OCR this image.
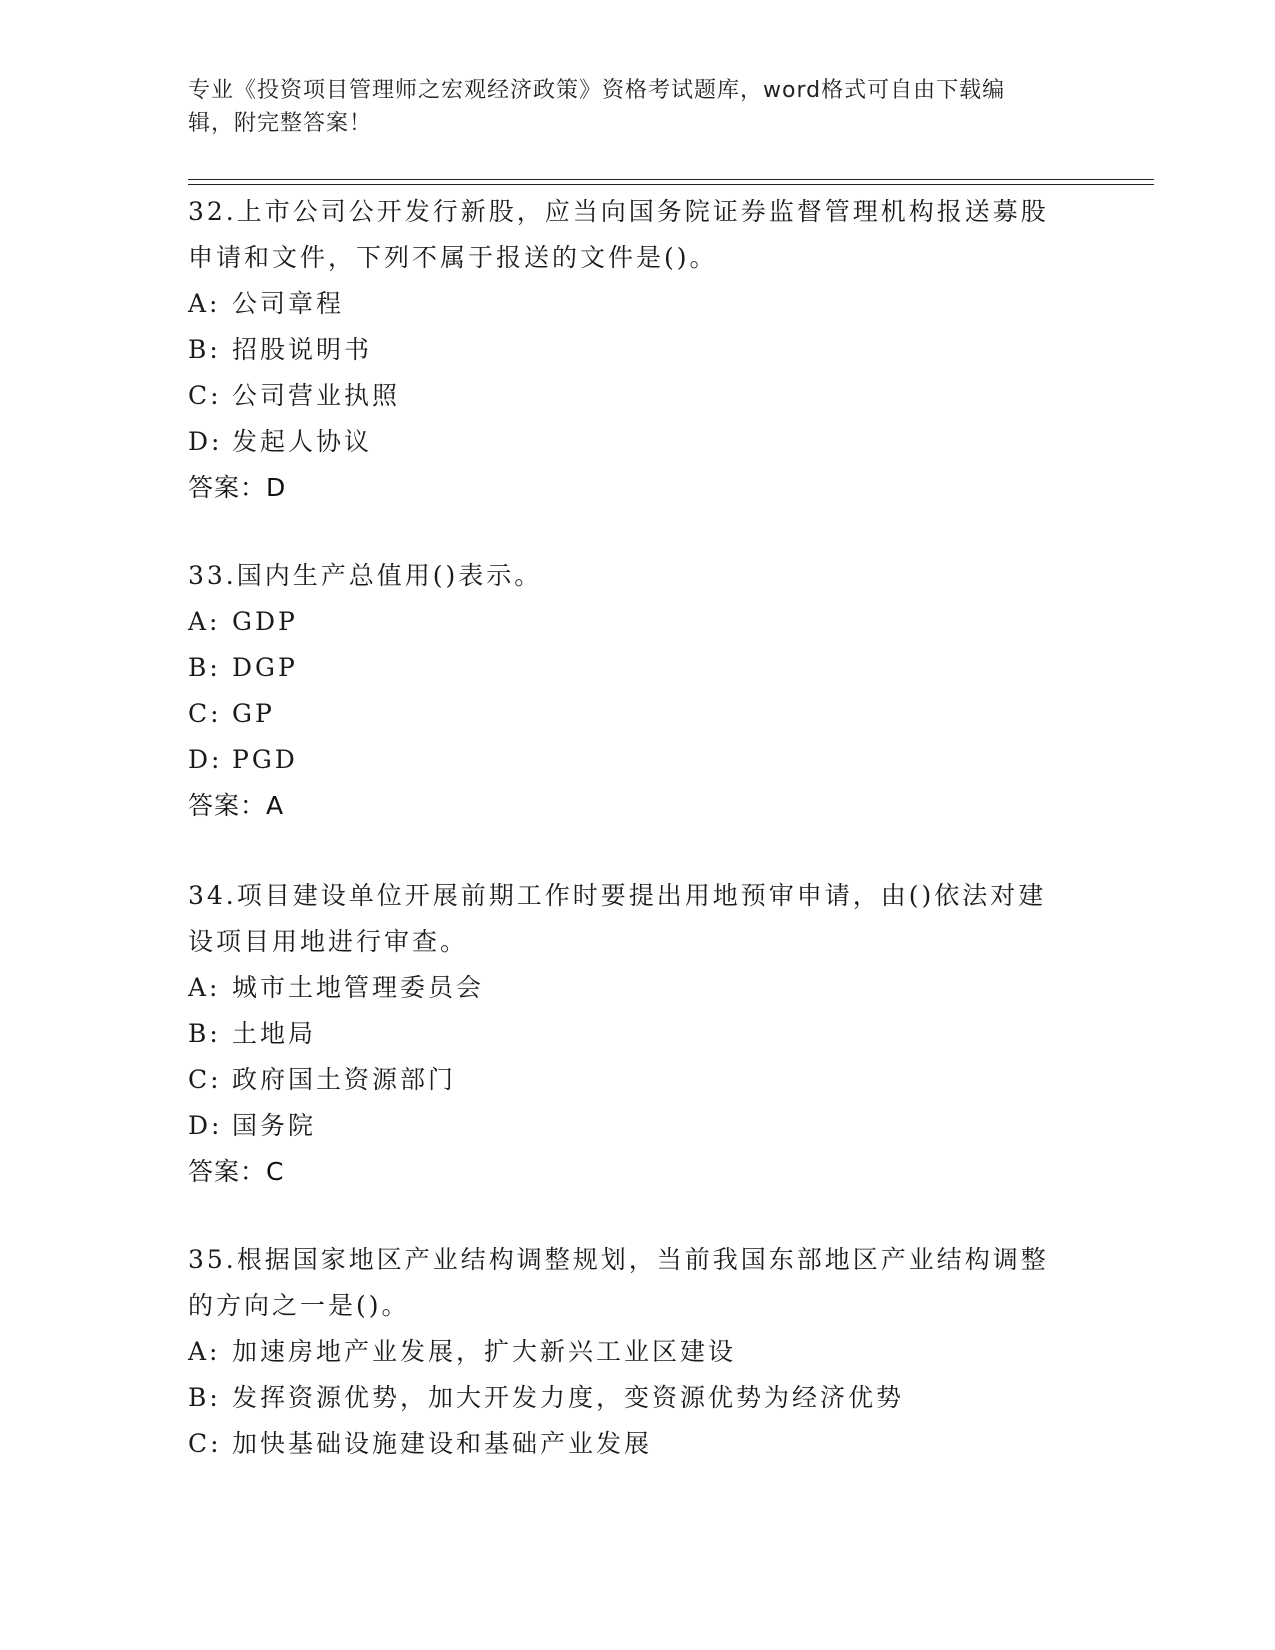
专业《投资项目管理师之宏观经济政策》资格考试题库，word格式可自由下载编
辑，附完整答案！

32.上市公司公开发行新股，应当向国务院证券监督管理机构报送募股

申请和文件，下列不属于报送的文件是()。

A: 公司章程

B: 招股说明书

C: 公司营业执照

D: 发起人协议

答案：D

33.国内生产总值用()表示。

A: GDP

B: DGP

C: GP

D: PGD

答案：A

34.项目建设单位开展前期工作时要提出用地预审申请，由()依法对建

设项目用地进行审查。

A: 城市土地管理委员会

B: 土地局

C: 政府国土资源部门

D: 国务院

答案：C

35.根据国家地区产业结构调整规划，当前我国东部地区产业结构调整

的方向之一是()。

A: 加速房地产业发展，扩大新兴工业区建设

B: 发挥资源优势，加大开发力度，变资源优势为经济优势

C: 加快基础设施建设和基础产业发展
